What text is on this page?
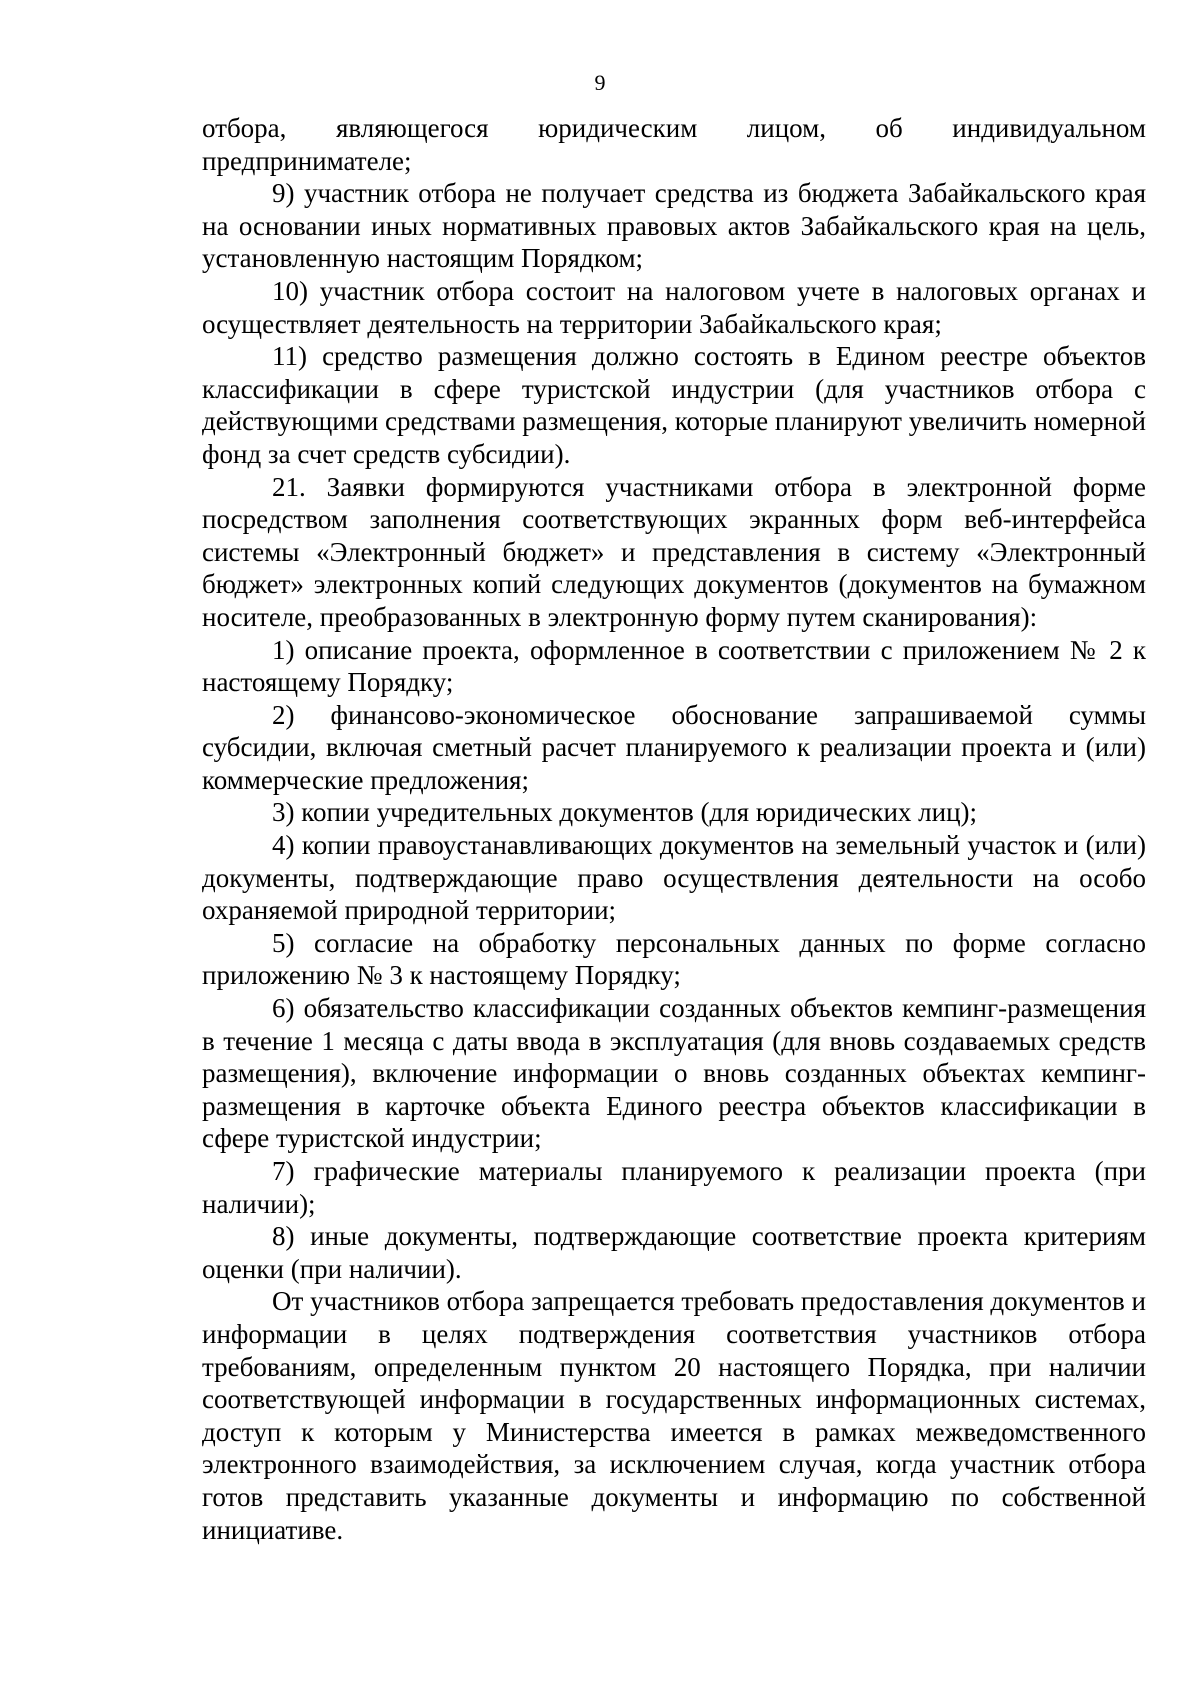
9

отбора, являющегося юридическим лицом, об индивидуальном предпринимателе;

9) участник отбора не получает средства из бюджета Забайкальского края на основании иных нормативных правовых актов Забайкальского края на цель, установленную настоящим Порядком;

10) участник отбора состоит на налоговом учете в налоговых органах и осуществляет деятельность на территории Забайкальского края;

11) средство размещения должно состоять в Едином реестре объектов классификации в сфере туристской индустрии (для участников отбора с действующими средствами размещения, которые планируют увеличить номерной фонд за счет средств субсидии).

21. Заявки формируются участниками отбора в электронной форме посредством заполнения соответствующих экранных форм веб-интерфейса системы «Электронный бюджет» и представления в систему «Электронный бюджет» электронных копий следующих документов (документов на бумажном носителе, преобразованных в электронную форму путем сканирования):

1) описание проекта, оформленное в соответствии с приложением № 2 к настоящему Порядку;

2) финансово-экономическое обоснование запрашиваемой суммы субсидии, включая сметный расчет планируемого к реализации проекта и (или) коммерческие предложения;

3) копии учредительных документов (для юридических лиц);

4) копии правоустанавливающих документов на земельный участок и (или) документы, подтверждающие право осуществления деятельности на особо охраняемой природной территории;

5) согласие на обработку персональных данных по форме согласно приложению № 3 к настоящему Порядку;

6) обязательство классификации созданных объектов кемпинг-размещения в течение 1 месяца с даты ввода в эксплуатация (для вновь создаваемых средств размещения), включение информации о вновь созданных объектах кемпинг-размещения в карточке объекта Единого реестра объектов классификации в сфере туристской индустрии;

7) графические материалы планируемого к реализации проекта (при наличии);

8) иные документы, подтверждающие соответствие проекта критериям оценки (при наличии).

От участников отбора запрещается требовать предоставления документов и информации в целях подтверждения соответствия участников отбора требованиям, определенным пунктом 20 настоящего Порядка, при наличии соответствующей информации в государственных информационных системах, доступ к которым у Министерства имеется в рамках межведомственного электронного взаимодействия, за исключением случая, когда участник отбора готов представить указанные документы и информацию по собственной инициативе.
